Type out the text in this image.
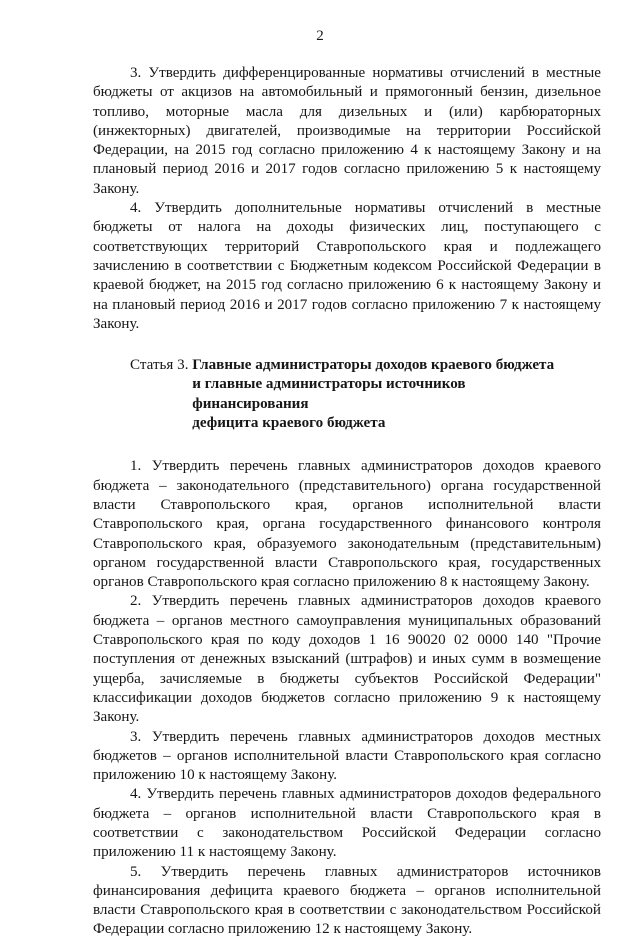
2

3. Утвердить дифференцированные нормативы отчислений в местные бюджеты от акцизов на автомобильный и прямогонный бензин, дизельное топливо, моторные масла для дизельных и (или) карбюраторных (инжекторных) двигателей, производимые на территории Российской Федерации, на 2015 год согласно приложению 4 к настоящему Закону и на плановый период 2016 и 2017 годов согласно приложению 5 к настоящему Закону.

4. Утвердить дополнительные нормативы отчислений в местные бюджеты от налога на доходы физических лиц, поступающего с соответствующих территорий Ставропольского края и подлежащего зачислению в соответствии с Бюджетным кодексом Российской Федерации в краевой бюджет, на 2015 год согласно приложению 6 к настоящему Закону и на плановый период 2016 и 2017 годов согласно приложению 7 к настоящему Закону.

Статья 3. Главные администраторы доходов краевого бюджета
и главные администраторы источников финансирования
дефицита краевого бюджета

1. Утвердить перечень главных администраторов доходов краевого бюджета – законодательного (представительного) органа государственной власти Ставропольского края, органов исполнительной власти Ставропольского края, органа государственного финансового контроля Ставропольского края, образуемого законодательным (представительным) органом государственной власти Ставропольского края, государственных органов Ставропольского края согласно приложению 8 к настоящему Закону.

2. Утвердить перечень главных администраторов доходов краевого бюджета – органов местного самоуправления муниципальных образований Ставропольского края по коду доходов 1 16 90020 02 0000 140 "Прочие поступления от денежных взысканий (штрафов) и иных сумм в возмещение ущерба, зачисляемые в бюджеты субъектов Российской Федерации" классификации доходов бюджетов согласно приложению 9 к настоящему Закону.

3. Утвердить перечень главных администраторов доходов местных бюджетов – органов исполнительной власти Ставропольского края согласно приложению 10 к настоящему Закону.

4. Утвердить перечень главных администраторов доходов федерального бюджета – органов исполнительной власти Ставропольского края в соответствии с законодательством Российской Федерации согласно приложению 11 к настоящему Закону.

5. Утвердить перечень главных администраторов источников финансирования дефицита краевого бюджета – органов исполнительной власти Ставропольского края в соответствии с законодательством Российской Федерации согласно приложению 12 к настоящему Закону.
